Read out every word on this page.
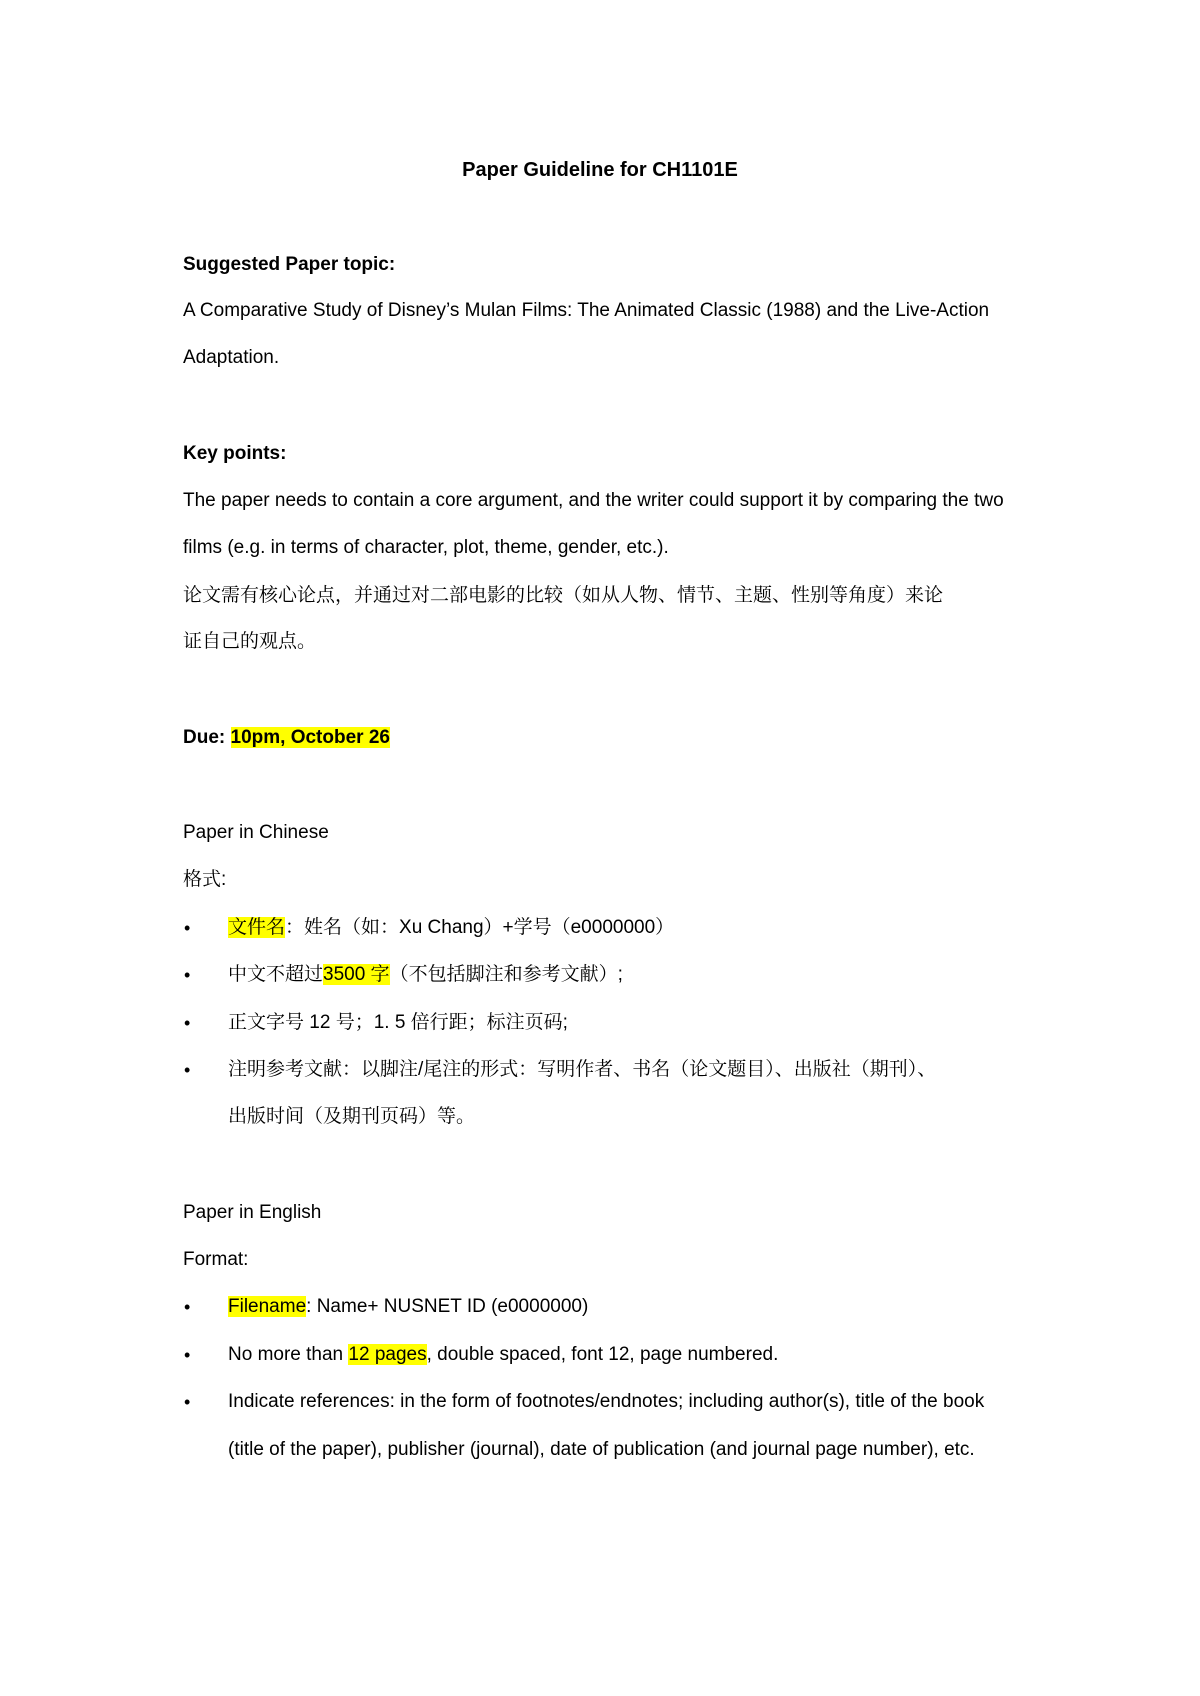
Paper Guideline for CH1101E
Suggested Paper topic:
A Comparative Study of Disney’s Mulan Films: The Animated Classic (1988) and the Live-Action
Adaptation.
Key points:
The paper needs to contain a core argument, and the writer could support it by comparing the two
films (e.g. in terms of character, plot, theme, gender, etc.).
论文需有核心论点，并通过对二部电影的比较（如从人物、情节、主题、性别等角度）来论
证自己的观点。
Due: 10pm, October 26
Paper in Chinese
格式:
• 文件名：姓名（如：Xu Chang）+学号（e0000000）
• 中文不超过3500 字（不包括脚注和参考文献）;
• 正文字号 12 号；1. 5 倍行距；标注页码;
• 注明参考文献：以脚注/尾注的形式：写明作者、书名（论文题目）、出版社（期刊）、
出版时间（及期刊页码）等。
Paper in English
Format:
• Filename: Name+ NUSNET ID (e0000000)
• No more than 12 pages, double spaced, font 12, page numbered.
• Indicate references: in the form of footnotes/endnotes; including author(s), title of the book
(title of the paper), publisher (journal), date of publication (and journal page number), etc.
